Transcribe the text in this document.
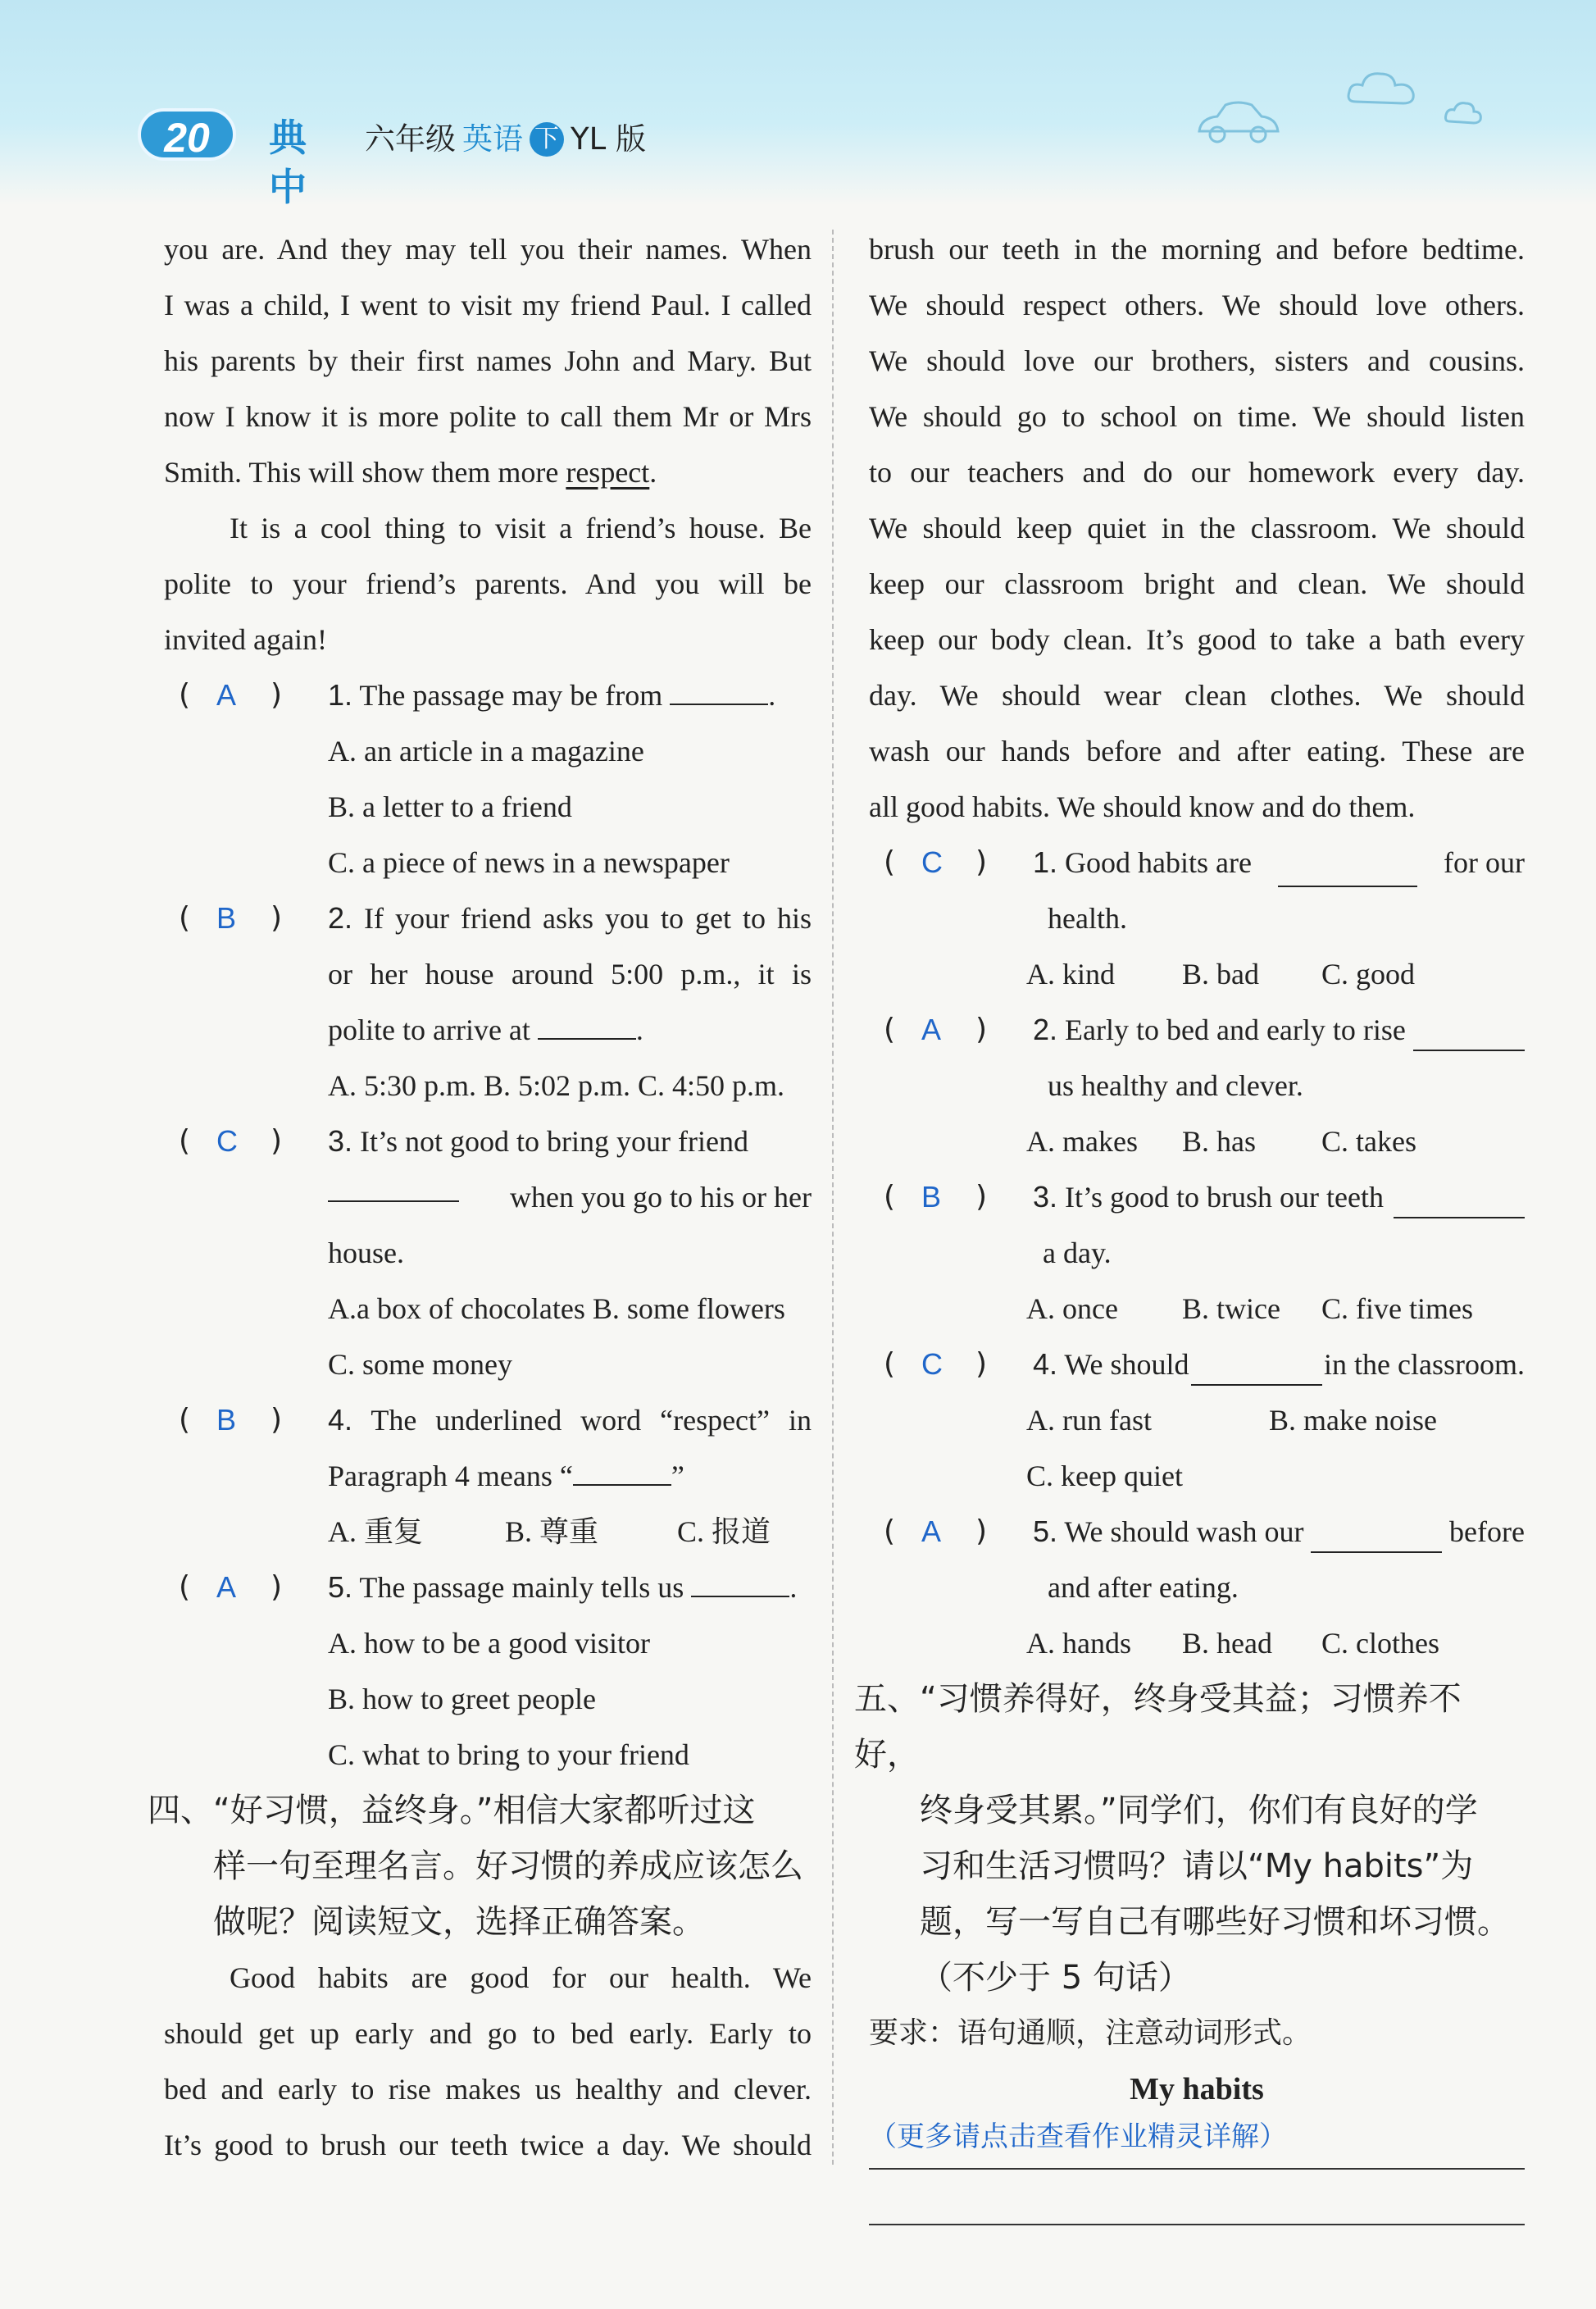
20	典中
六年级 英语 下 YL 版

you are. And they may tell you their names. When

I was a child, I went to visit my friend Paul. I called

his parents by their first names John and Mary. But

now I know it is more polite to call them Mr or Mrs

Smith. This will show them more respect.

It is a cool thing to visit a friend’s house. Be

polite to your friend’s parents. And you will be

invited again!

( A ) 1. The passage may be from	.
A. an article in a magazine
B. a letter to a friend
C. a piece of news in a newspaper
( B ) 2. If your friend asks you to get to his

or her house around 5:00 p.m., it is

polite to arrive at	.
A. 5:30 p.m. B. 5:02 p.m. C. 4:50 p.m.
( C ) 3. It’s not good to bring your friend
when you go to his or her
house.
A.a box of chocolates B. some flowers
C. some money
( B ) 4. The underlined word “respect” in

Paragraph 4 means “	”
A. 重复	B. 尊重	C. 报道
( A ) 5. The passage mainly tells us	.
A. how to be a good visitor
B. how to greet people
C. what to bring to your friend
四、“好习惯，益终身。”相信大家都听过这
样一句至理名言。好习惯的养成应该怎么
做呢？阅读短文，选择正确答案。

Good habits are good for our health. We

should get up early and go to bed early. Early to

bed and early to rise makes us healthy and clever.

It’s good to brush our teeth twice a day. We should

brush our teeth in the morning and before bedtime.

We should respect others. We should love others.

We should love our brothers, sisters and cousins.

We should go to school on time. We should listen

to our teachers and do our homework every day.

We should keep quiet in the classroom. We should

keep our classroom bright and clean. We should

keep our body clean. It’s good to take a bath every

day. We should wear clean clothes. We should

wash our hands before and after eating. These are

all good habits. We should know and do them.

( C ) 1. Good habits are	for our
health.
A. kind	B. bad	C. good
( A ) 2. Early to bed and early to rise
us healthy and clever.
A. makes	B. has	C. takes
( B ) 3. It’s good to brush our teeth
a day.
A. once	B. twice	C. five times
( C ) 4. We should	in the classroom.
A. run fast	B. make noise
C. keep quiet
( A ) 5. We should wash our	before
and after eating.
A. hands	B. head	C. clothes
五、“习惯养得好，终身受其益；习惯养不好，
终身受其累。”同学们，你们有良好的学
习和生活习惯吗？请以“My habits”为
题，写一写自己有哪些好习惯和坏习惯。
（不少于 5 句话）
要求：语句通顺，注意动词形式。
My habits
（更多请点击查看作业精灵详解）
